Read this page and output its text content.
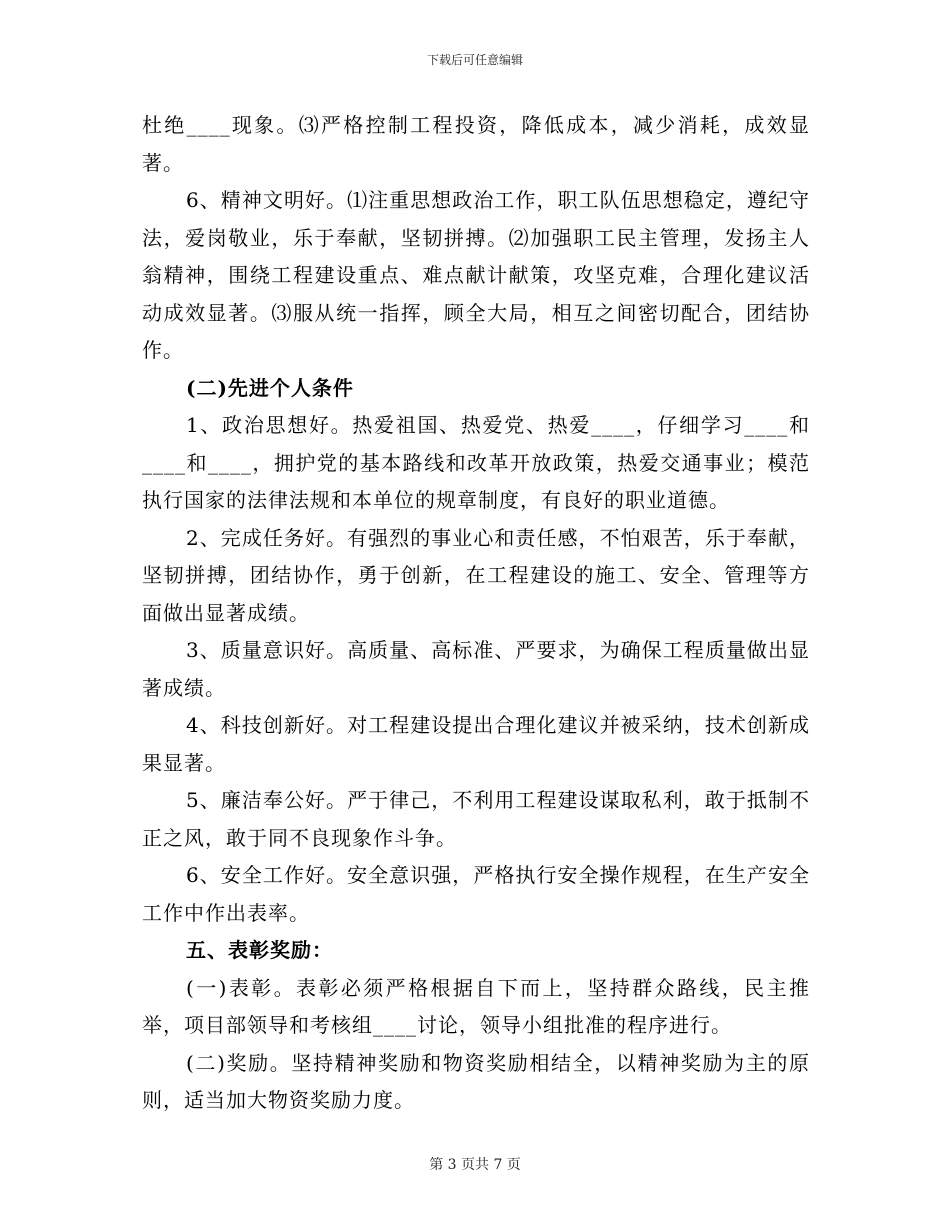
下载后可任意编辑

杜绝____现象。⑶严格控制工程投资，降低成本，减少消耗，成效显著。

6、精神文明好。⑴注重思想政治工作，职工队伍思想稳定，遵纪守法，爱岗敬业，乐于奉献，坚韧拼搏。⑵加强职工民主管理，发扬主人翁精神，围绕工程建设重点、难点献计献策，攻坚克难，合理化建议活动成效显著。⑶服从统一指挥，顾全大局，相互之间密切配合，团结协作。

(二)先进个人条件

1、政治思想好。热爱祖国、热爱党、热爱____，仔细学习____和____和____，拥护党的基本路线和改革开放政策，热爱交通事业；模范执行国家的法律法规和本单位的规章制度，有良好的职业道德。

2、完成任务好。有强烈的事业心和责任感，不怕艰苦，乐于奉献，坚韧拼搏，团结协作，勇于创新，在工程建设的施工、安全、管理等方面做出显著成绩。

3、质量意识好。高质量、高标准、严要求，为确保工程质量做出显著成绩。

4、科技创新好。对工程建设提出合理化建议并被采纳，技术创新成果显著。

5、廉洁奉公好。严于律己，不利用工程建设谋取私利，敢于抵制不正之风，敢于同不良现象作斗争。

6、安全工作好。安全意识强，严格执行安全操作规程，在生产安全工作中作出表率。

五、表彰奖励：

(一)表彰。表彰必须严格根据自下而上，坚持群众路线，民主推举，项目部领导和考核组____讨论，领导小组批准的程序进行。

(二)奖励。坚持精神奖励和物资奖励相结全，以精神奖励为主的原则，适当加大物资奖励力度。

第 3 页共 7 页
